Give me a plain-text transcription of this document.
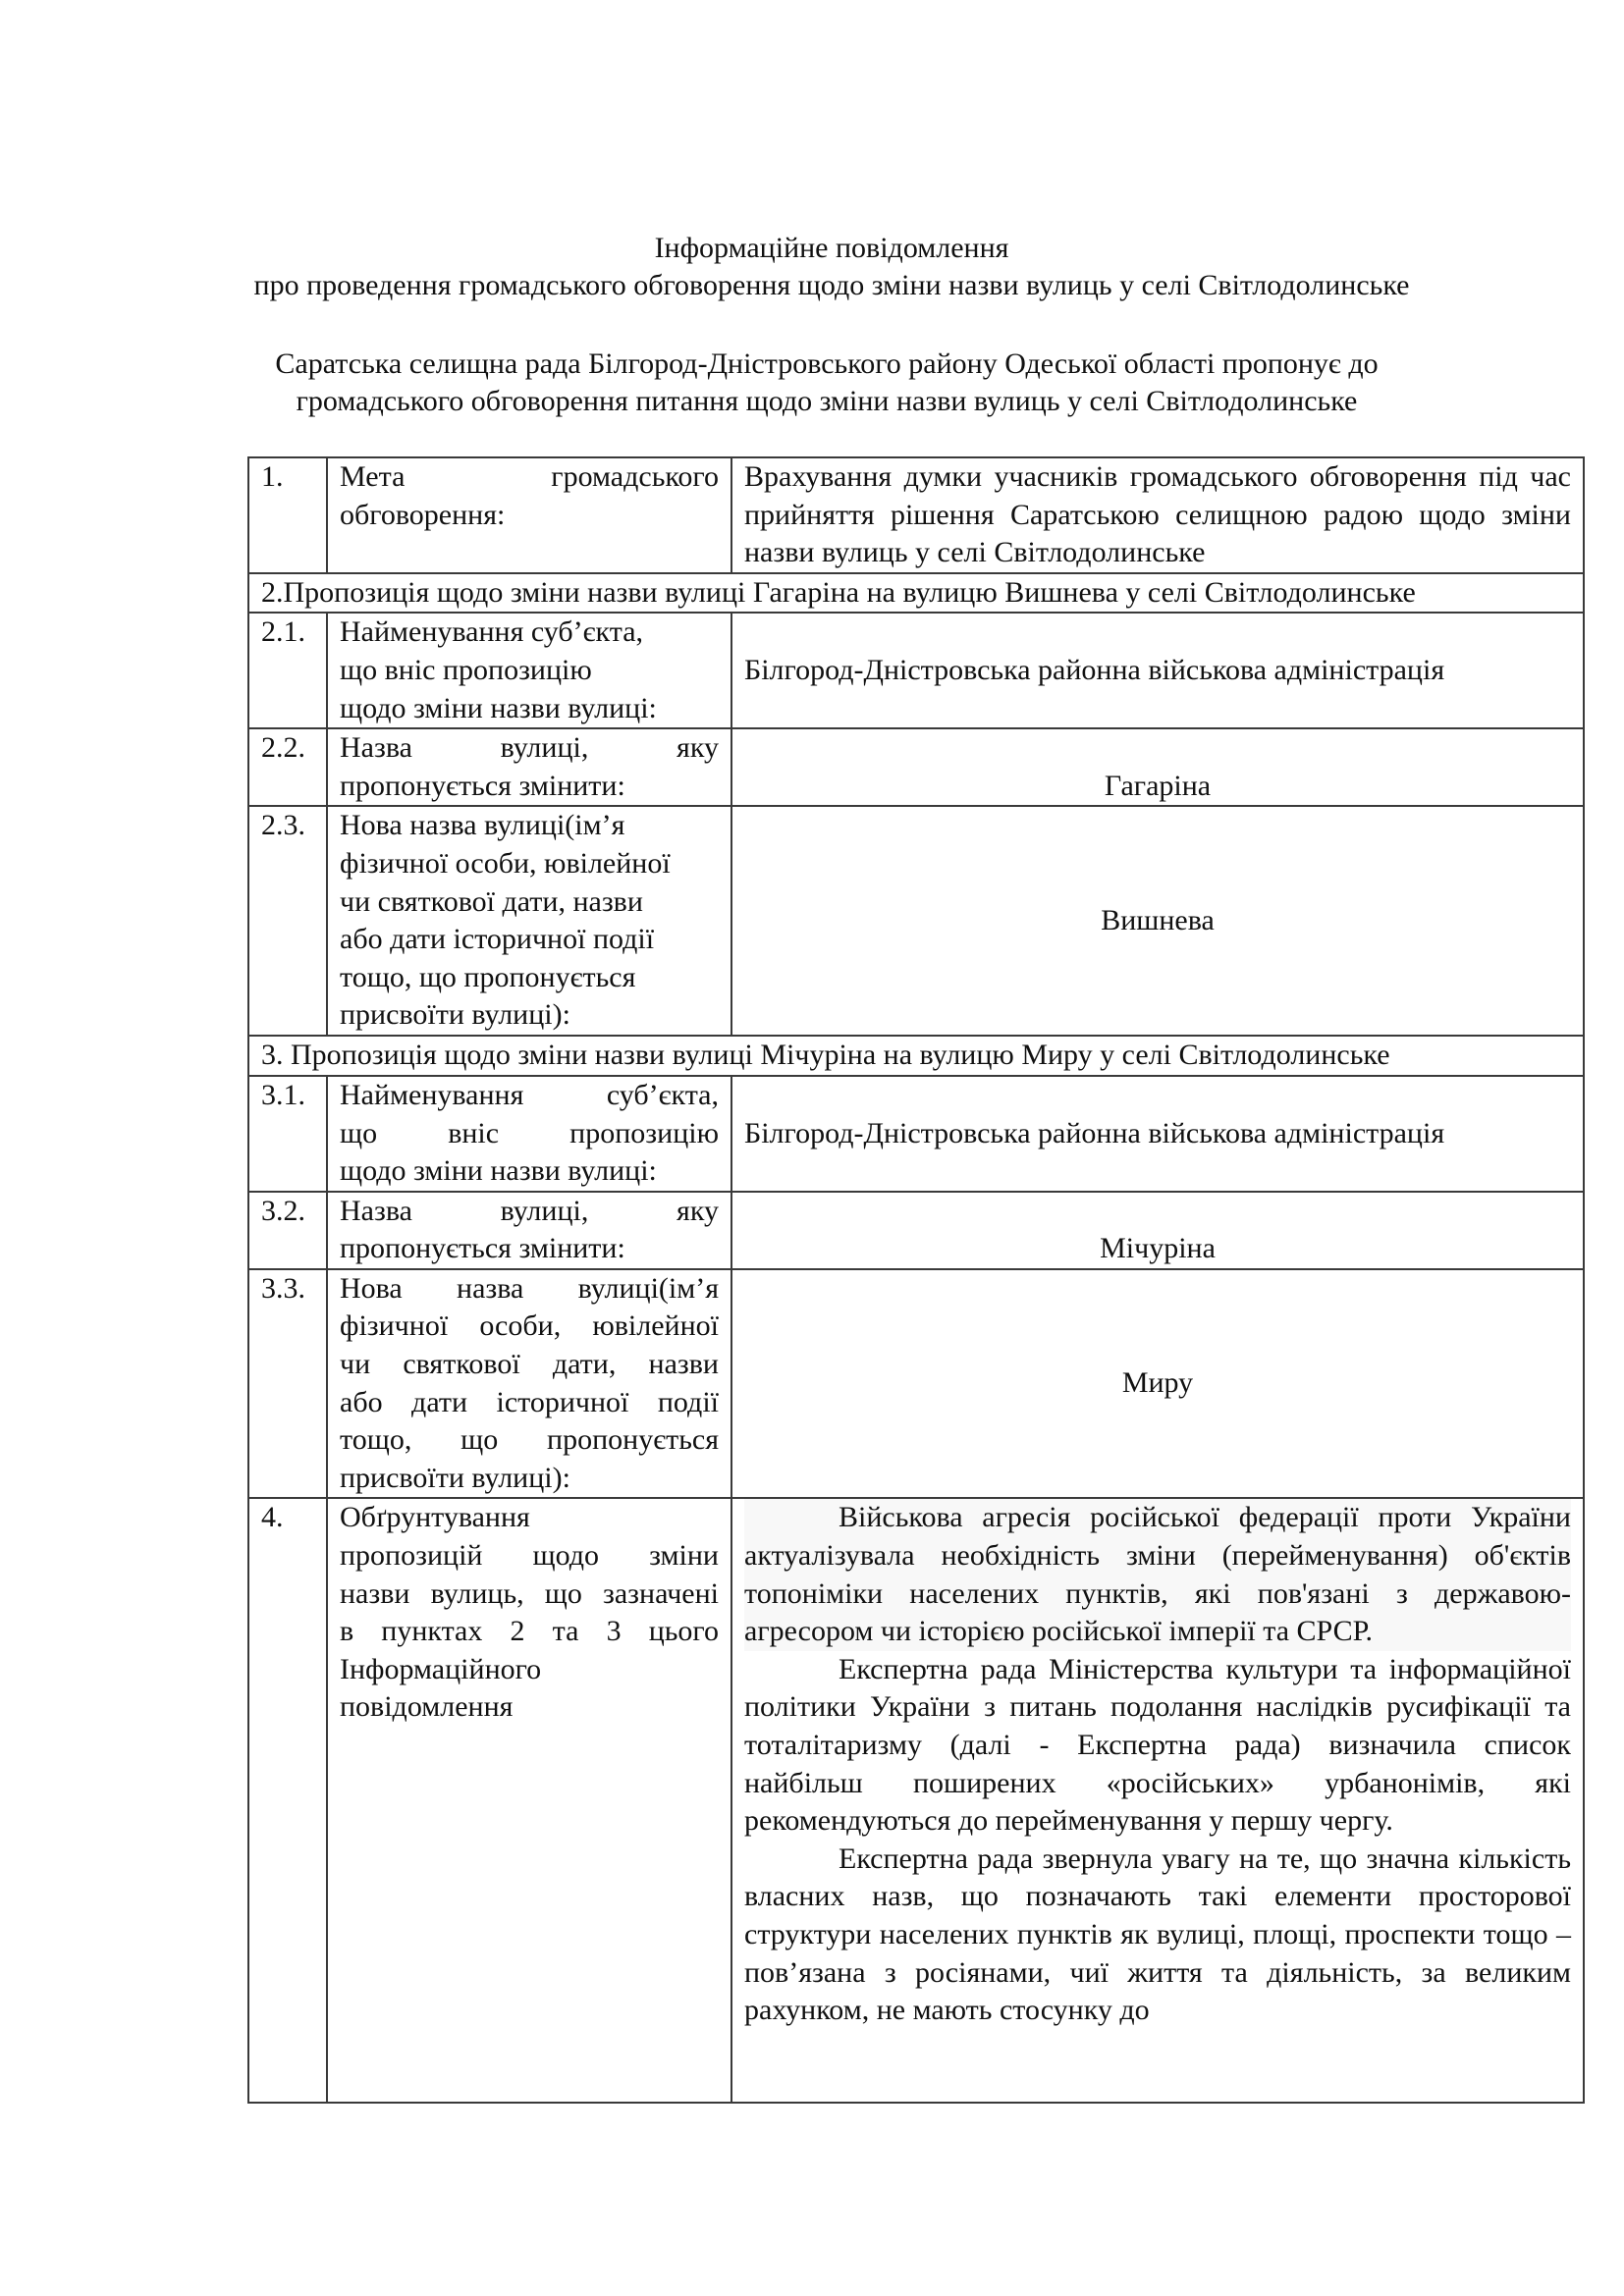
Інформаційне повідомлення
про проведення громадського обговорення щодо зміни назви вулиць у селі Світлодолинське
Саратська селищна рада Білгород-Дністровського району Одеської області пропонує до
громадського обговорення питання щодо зміни назви вулиць у селі Світлодолинське
1.	Мета громадського
обговорення:	Врахування думки учасників громадського обговорення під час прийняття рішення Саратською селищною радою щодо зміни назви вулиць у селі Світлодолинське
2.Пропозиція щодо зміни назви вулиці Гагаріна на вулицю Вишнева у селі Світлодолинське		
2.1.	Найменування суб’єкта,
що вніс пропозицію
щодо зміни назви вулиці:	Білгород-Дністровська районна військова адміністрація
2.2.	Назва вулиці, яку
пропонується змінити:	Гагаріна
2.3.	Нова назва вулиці(ім’я
фізичної особи, ювілейної
чи святкової дати, назви
або дати історичної події
тощо, що пропонується
присвоїти вулиці):
	Вишнева
3. Пропозиція щодо зміни назви вулиці Мічуріна на вулицю Миру у селі Світлодолинське		
3.1.	Найменування суб’єкта,
що вніс пропозицію
щодо зміни назви вулиці:	Білгород-Дністровська районна військова адміністрація
3.2.	Назва вулиці, яку
пропонується змінити:	Мічуріна
3.3.	Нова назва вулиці(ім’я
фізичної особи, ювілейної
чи святкової дати, назви
або дати історичної події
тощо, що пропонується
присвоїти вулиці):
	Миру
4.	Обґрунтування
пропозицій щодо зміни
назви вулиць, що зазначені
в пунктах 2 та 3 цього
Інформаційного
повідомлення

Військова агресія російської федерації проти України актуалізувала необхідність зміни (перейменування) об'єктів топоніміки населених пунктів, які пов'язані з державою-агресором чи історією російської імперії та СРСР.

Експертна рада Міністерства культури та інформаційної політики України з питань подолання наслідків русифікації та тоталітаризму (далі - Експертна рада) визначила список найбільш поширених «російських» урбанонімів, які рекомендуються до перейменування у першу чергу.

Експертна рада звернула увагу на те, що значна кількість власних назв, що позначають такі елементи просторової структури населених пунктів як вулиці, площі, проспекти тощо – пов’язана з росіянами, чиї життя та діяльність, за великим рахунком, не мають стосунку до
